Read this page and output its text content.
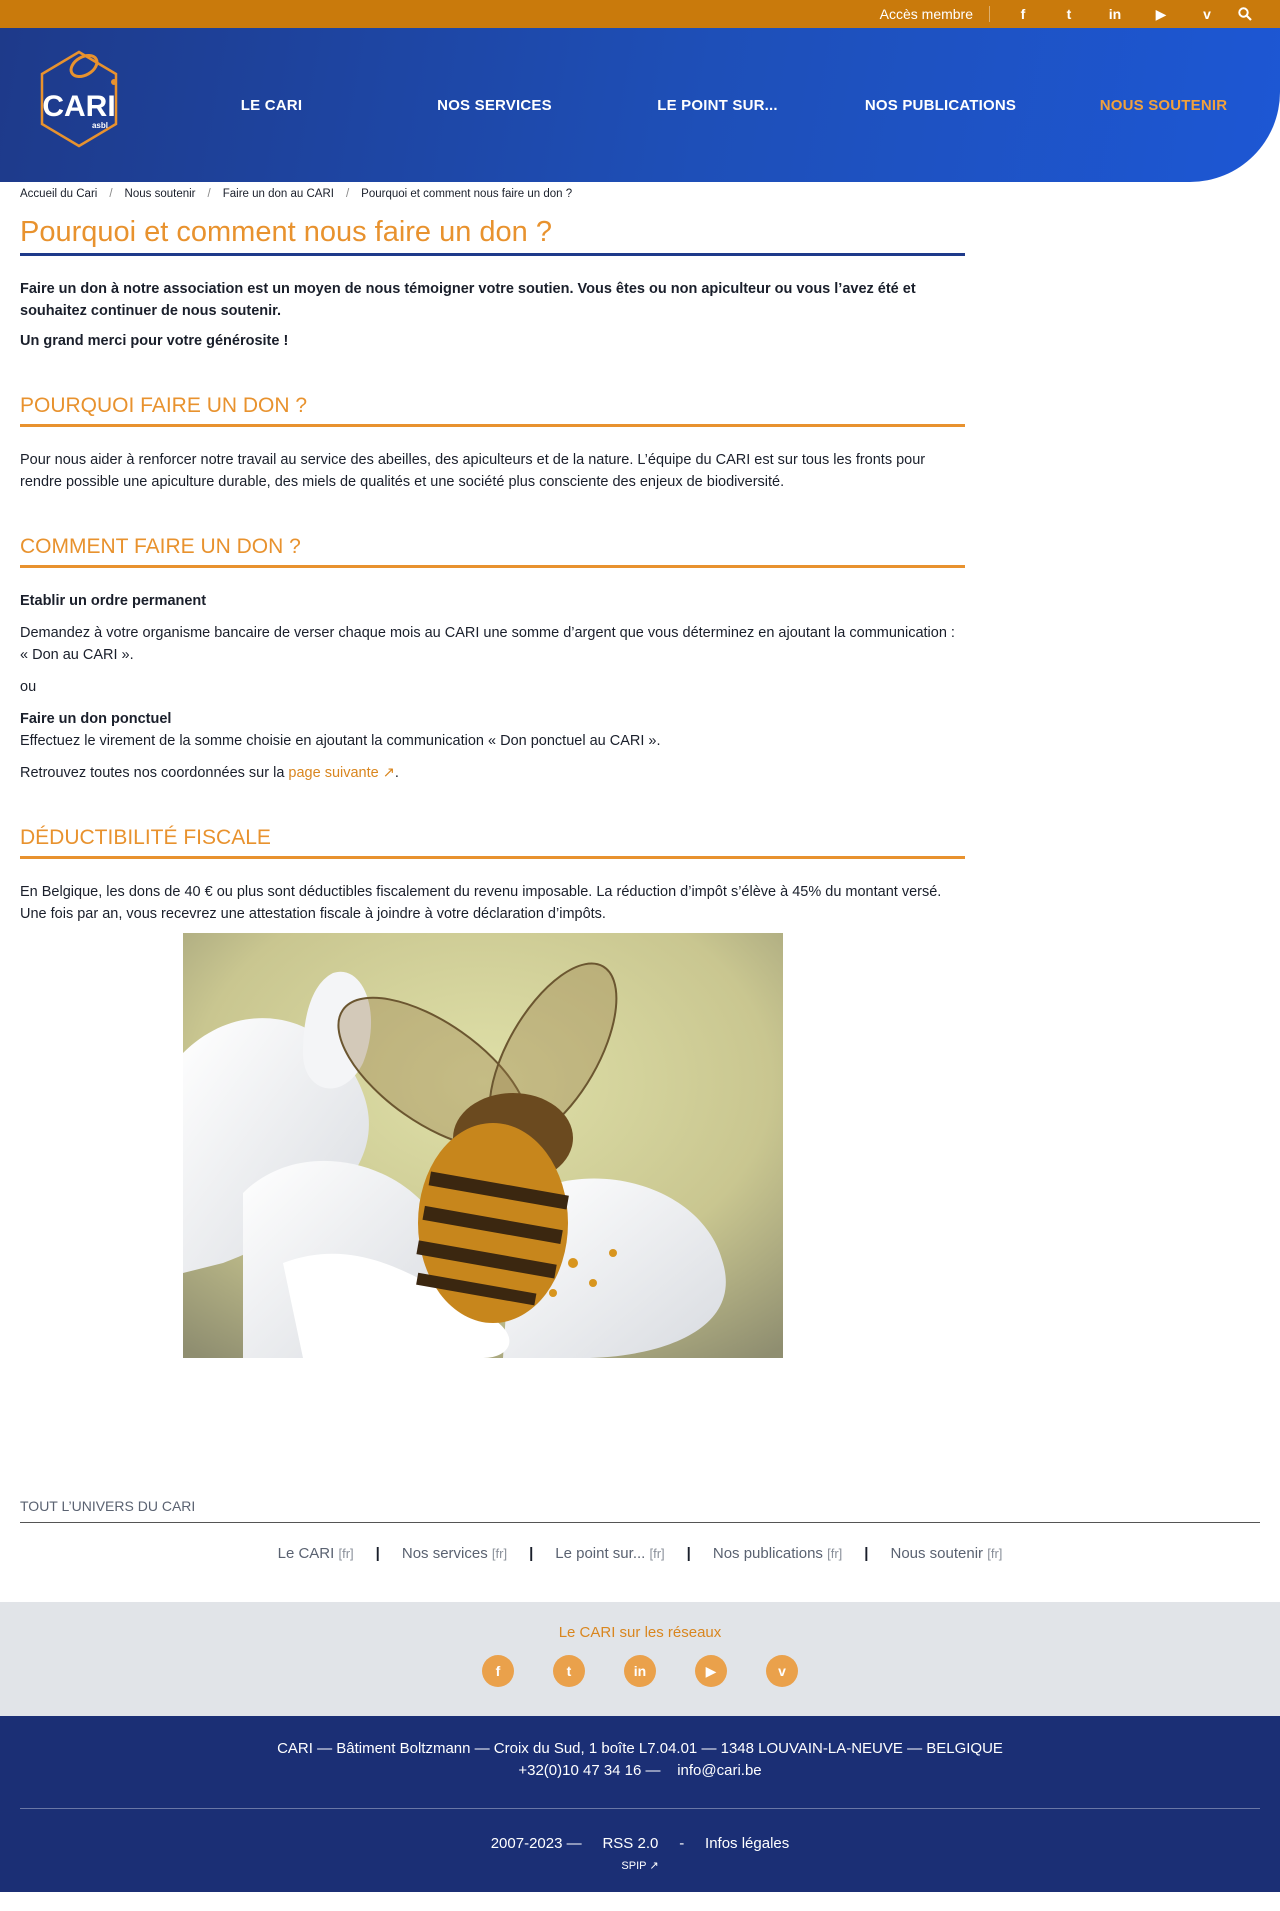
Accès membre	f	t	in	▶	v
CARI
asbl
LE CARI	NOS SERVICES	LE POINT SUR...	NOS PUBLICATIONS	NOUS SOUTENIR
Accueil du Cari	/	Nous soutenir	/	Faire un don au CARI	/	Pourquoi et comment nous faire un don ?
Pourquoi et comment nous faire un don ?

Faire un don à notre association est un moyen de nous témoigner votre soutien. Vous êtes ou non apiculteur ou vous l’avez été et souhaitez continuer de nous soutenir.

Un grand merci pour votre générosite !

POURQUOI FAIRE UN DON ?

Pour nous aider à renforcer notre travail au service des abeilles, des apiculteurs et de la nature. L’équipe du CARI est sur tous les fronts pour rendre possible une apiculture durable, des miels de qualités et une société plus consciente des enjeux de biodiversité.

COMMENT FAIRE UN DON ?

Etablir un ordre permanent

Demandez à votre organisme bancaire de verser chaque mois au CARI une somme d’argent que vous déterminez en ajoutant la communication : « Don au CARI ».

ou

Faire un don ponctuel

Effectuez le virement de la somme choisie en ajoutant la communication « Don ponctuel au CARI ».

Retrouvez toutes nos coordonnées sur la page suivante ↗.

DÉDUCTIBILITÉ FISCALE

En Belgique, les dons de 40 € ou plus sont déductibles fiscalement du revenu imposable. La réduction d’impôt s’élève à 45% du montant versé. Une fois par an, vous recevrez une attestation fiscale à joindre à votre déclaration d’impôts.

TOUT L’UNIVERS DU CARI
Le CARI [fr] | Nos services [fr] | Le point sur... [fr] | Nos publications [fr] | Nous soutenir [fr]
Le CARI sur les réseaux
f	t	in	▶	v
CARI — Bâtiment Boltzmann — Croix du Sud, 1 boîte L7.04.01 — 1348 LOUVAIN-LA-NEUVE — BELGIQUE
+32(0)10 47 34 16 — info@cari.be
2007-2023 — RSS 2.0 - Infos légales
SPIP ↗
